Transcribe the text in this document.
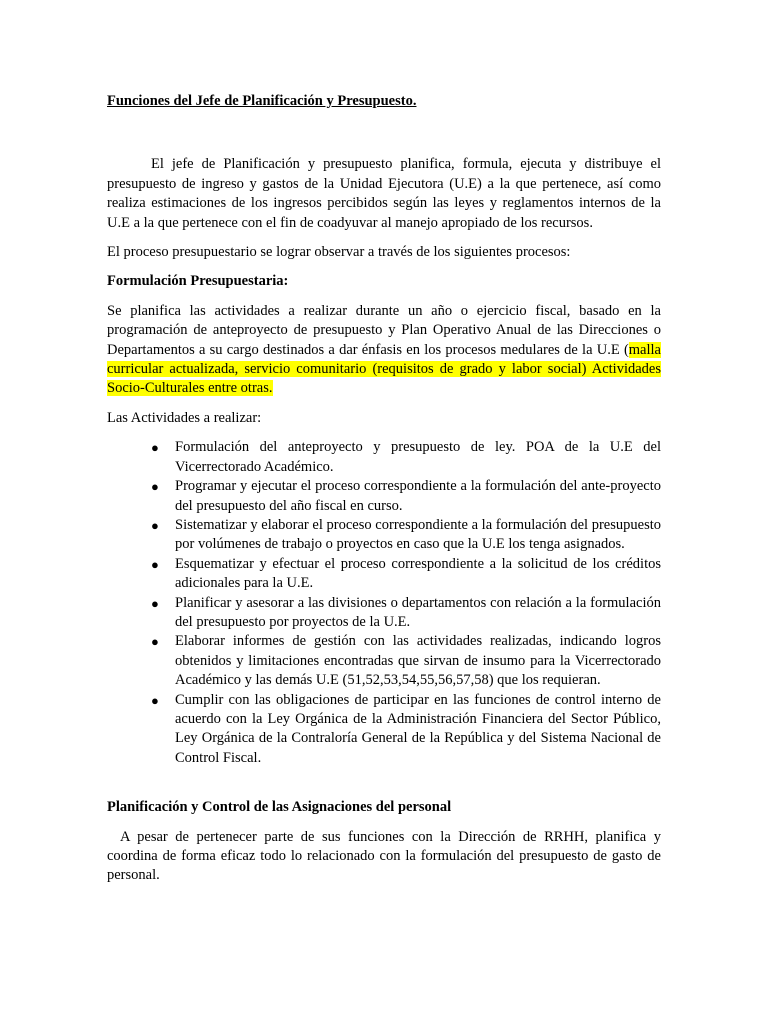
Funciones del Jefe de Planificación y Presupuesto.

El jefe de Planificación y presupuesto planifica, formula, ejecuta y distribuye el presupuesto de ingreso y gastos de la Unidad Ejecutora (U.E) a la que pertenece, así como realiza estimaciones de los ingresos percibidos según las leyes y reglamentos internos de la U.E a la que pertenece con el fin de coadyuvar al manejo apropiado de los recursos.

El proceso presupuestario se lograr observar a través de los siguientes procesos:

Formulación Presupuestaria:

Se planifica las actividades a realizar durante un año o ejercicio fiscal, basado en la programación de anteproyecto de presupuesto y Plan Operativo Anual de las Direcciones o Departamentos a su cargo destinados a dar énfasis en los procesos medulares de la U.E (malla curricular actualizada, servicio comunitario (requisitos de grado y labor social) Actividades Socio-Culturales entre otras.

Las Actividades a realizar:

● Formulación del anteproyecto y presupuesto de ley. POA de la U.E del Vicerrectorado Académico.
● Programar y ejecutar el proceso correspondiente a la formulación del ante-proyecto del presupuesto del año fiscal en curso.
● Sistematizar y elaborar el proceso correspondiente a la formulación del presupuesto por volúmenes de trabajo o proyectos en caso que la U.E los tenga asignados.
● Esquematizar y efectuar el proceso correspondiente a la solicitud de los créditos adicionales para la U.E.
● Planificar y asesorar a las divisiones o departamentos con relación a la formulación del presupuesto por proyectos de la U.E.
● Elaborar informes de gestión con las actividades realizadas, indicando logros obtenidos y limitaciones encontradas que sirvan de insumo para la Vicerrectorado Académico y las demás U.E (51,52,53,54,55,56,57,58) que los requieran.
● Cumplir con las obligaciones de participar en las funciones de control interno de acuerdo con la Ley Orgánica de la Administración Financiera del Sector Público, Ley Orgánica de la Contraloría General de la República y del Sistema Nacional de Control Fiscal.

Planificación y Control de las Asignaciones del personal

A pesar de pertenecer parte de sus funciones con la Dirección de RRHH, planifica y coordina de forma eficaz todo lo relacionado con la formulación del presupuesto de gasto de personal.
